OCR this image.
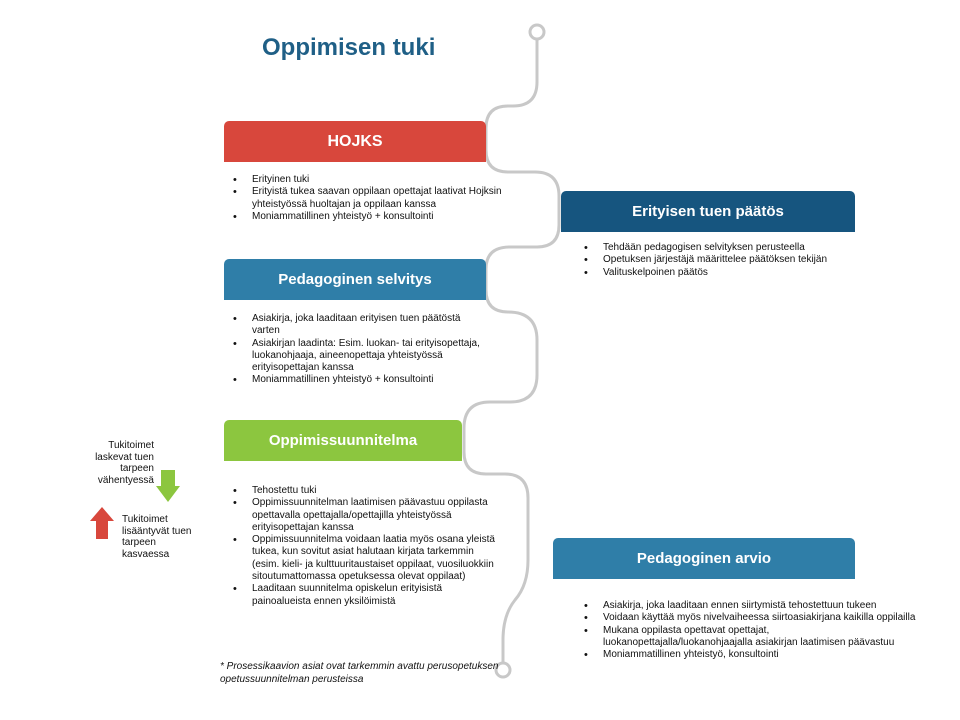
Oppimisen tuki
HOJKS
• Erityinen tuki
• Erityistä tukea saavan oppilaan opettajat laativat Hojksin yhteistyössä huoltajan ja oppilaan kanssa
• Moniammatillinen yhteistyö + konsultointi	Erityisen tuen päätös
• Tehdään pedagogisen selvityksen perusteella
• Opetuksen järjestäjä määrittelee päätöksen tekijän
• Valituskelpoinen päätös
Pedagoginen selvitys
• Asiakirja, joka laaditaan erityisen tuen päätöstä varten
• Asiakirjan laadinta: Esim. luokan- tai erityisopettaja, luokanohjaaja, aineenopettaja yhteistyössä erityisopettajan kanssa
• Moniammatillinen yhteistyö + konsultointi
Oppimissuunnitelma
• Tehostettu tuki
• Oppimissuunnitelman laatimisen päävastuu oppilasta opettavalla opettajalla/opettajilla yhteistyössä erityisopettajan kanssa
• Oppimissuunnitelma voidaan laatia myös osana yleistä tukea, kun sovitut asiat halutaan kirjata tarkemmin (esim. kieli- ja kulttuuritaustaiset oppilaat, vuosiluokkiin sitoutumattomassa opetuksessa olevat oppilaat)
• Laaditaan suunnitelma opiskelun erityisistä painoalueista ennen yksilöimistä
Pedagoginen arvio
• Asiakirja, joka laaditaan ennen siirtymistä tehostettuun tukeen
• Voidaan käyttää myös nivelvaiheessa siirtoasiakirjana kaikilla oppilailla
• Mukana oppilasta opettavat opettajat, luokanopettajalla/luokanohjaajalla asiakirjan laatimisen päävastuu
• Moniammatillinen yhteistyö, konsultointi
Tukitoimet laskevat tuen tarpeen vähentyessä
Tukitoimet lisääntyvät tuen tarpeen kasvaessa
* Prosessikaavion asiat ovat tarkemmin avattu perusopetuksen opetussuunnitelman perusteissa
